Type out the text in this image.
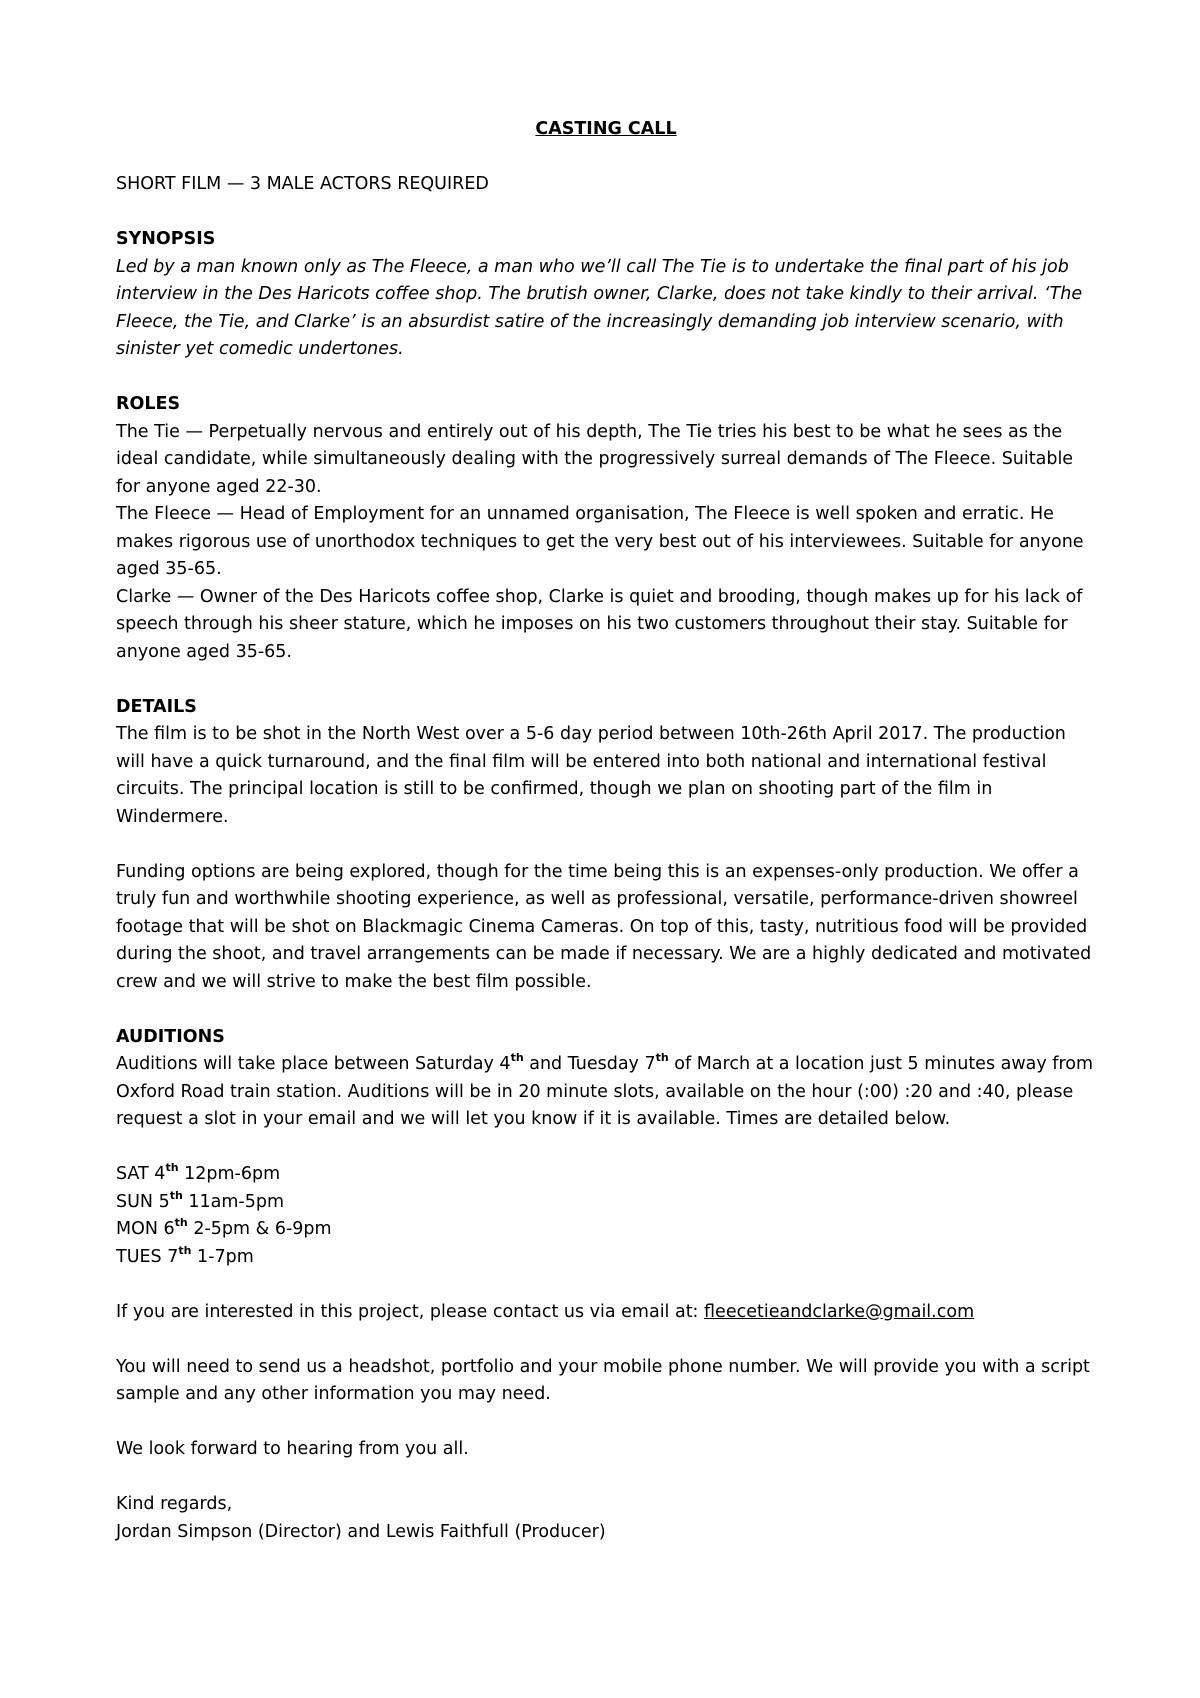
CASTING CALL

SHORT FILM — 3 MALE ACTORS REQUIRED

SYNOPSIS

Led by a man known only as The Fleece, a man who we’ll call The Tie is to undertake the final part of his job interview in the Des Haricots coffee shop. The brutish owner, Clarke, does not take kindly to their arrival. ‘The Fleece, the Tie, and Clarke’ is an absurdist satire of the increasingly demanding job interview scenario, with sinister yet comedic undertones.

ROLES

The Tie — Perpetually nervous and entirely out of his depth, The Tie tries his best to be what he sees as the ideal candidate, while simultaneously dealing with the progressively surreal demands of The Fleece. Suitable for anyone aged 22-30.

The Fleece — Head of Employment for an unnamed organisation, The Fleece is well spoken and erratic. He makes rigorous use of unorthodox techniques to get the very best out of his interviewees. Suitable for anyone aged 35-65.

Clarke — Owner of the Des Haricots coffee shop, Clarke is quiet and brooding, though makes up for his lack of speech through his sheer stature, which he imposes on his two customers throughout their stay. Suitable for anyone aged 35-65.

DETAILS

The film is to be shot in the North West over a 5-6 day period between 10th-26th April 2017. The production will have a quick turnaround, and the final film will be entered into both national and international festival circuits. The principal location is still to be confirmed, though we plan on shooting part of the film in Windermere.

Funding options are being explored, though for the time being this is an expenses-only production. We offer a truly fun and worthwhile shooting experience, as well as professional, versatile, performance-driven showreel footage that will be shot on Blackmagic Cinema Cameras. On top of this, tasty, nutritious food will be provided during the shoot, and travel arrangements can be made if necessary. We are a highly dedicated and motivated crew and we will strive to make the best film possible.

AUDITIONS

Auditions will take place between Saturday 4th and Tuesday 7th of March at a location just 5 minutes away from Oxford Road train station. Auditions will be in 20 minute slots, available on the hour (:00) :20 and :40, please request a slot in your email and we will let you know if it is available. Times are detailed below.

SAT 4th 12pm-6pm

SUN 5th 11am-5pm

MON 6th 2-5pm & 6-9pm

TUES 7th 1-7pm

If you are interested in this project, please contact us via email at: fleecetieandclarke@gmail.com

You will need to send us a headshot, portfolio and your mobile phone number. We will provide you with a script sample and any other information you may need.

We look forward to hearing from you all.

Kind regards,

Jordan Simpson (Director) and Lewis Faithfull (Producer)
